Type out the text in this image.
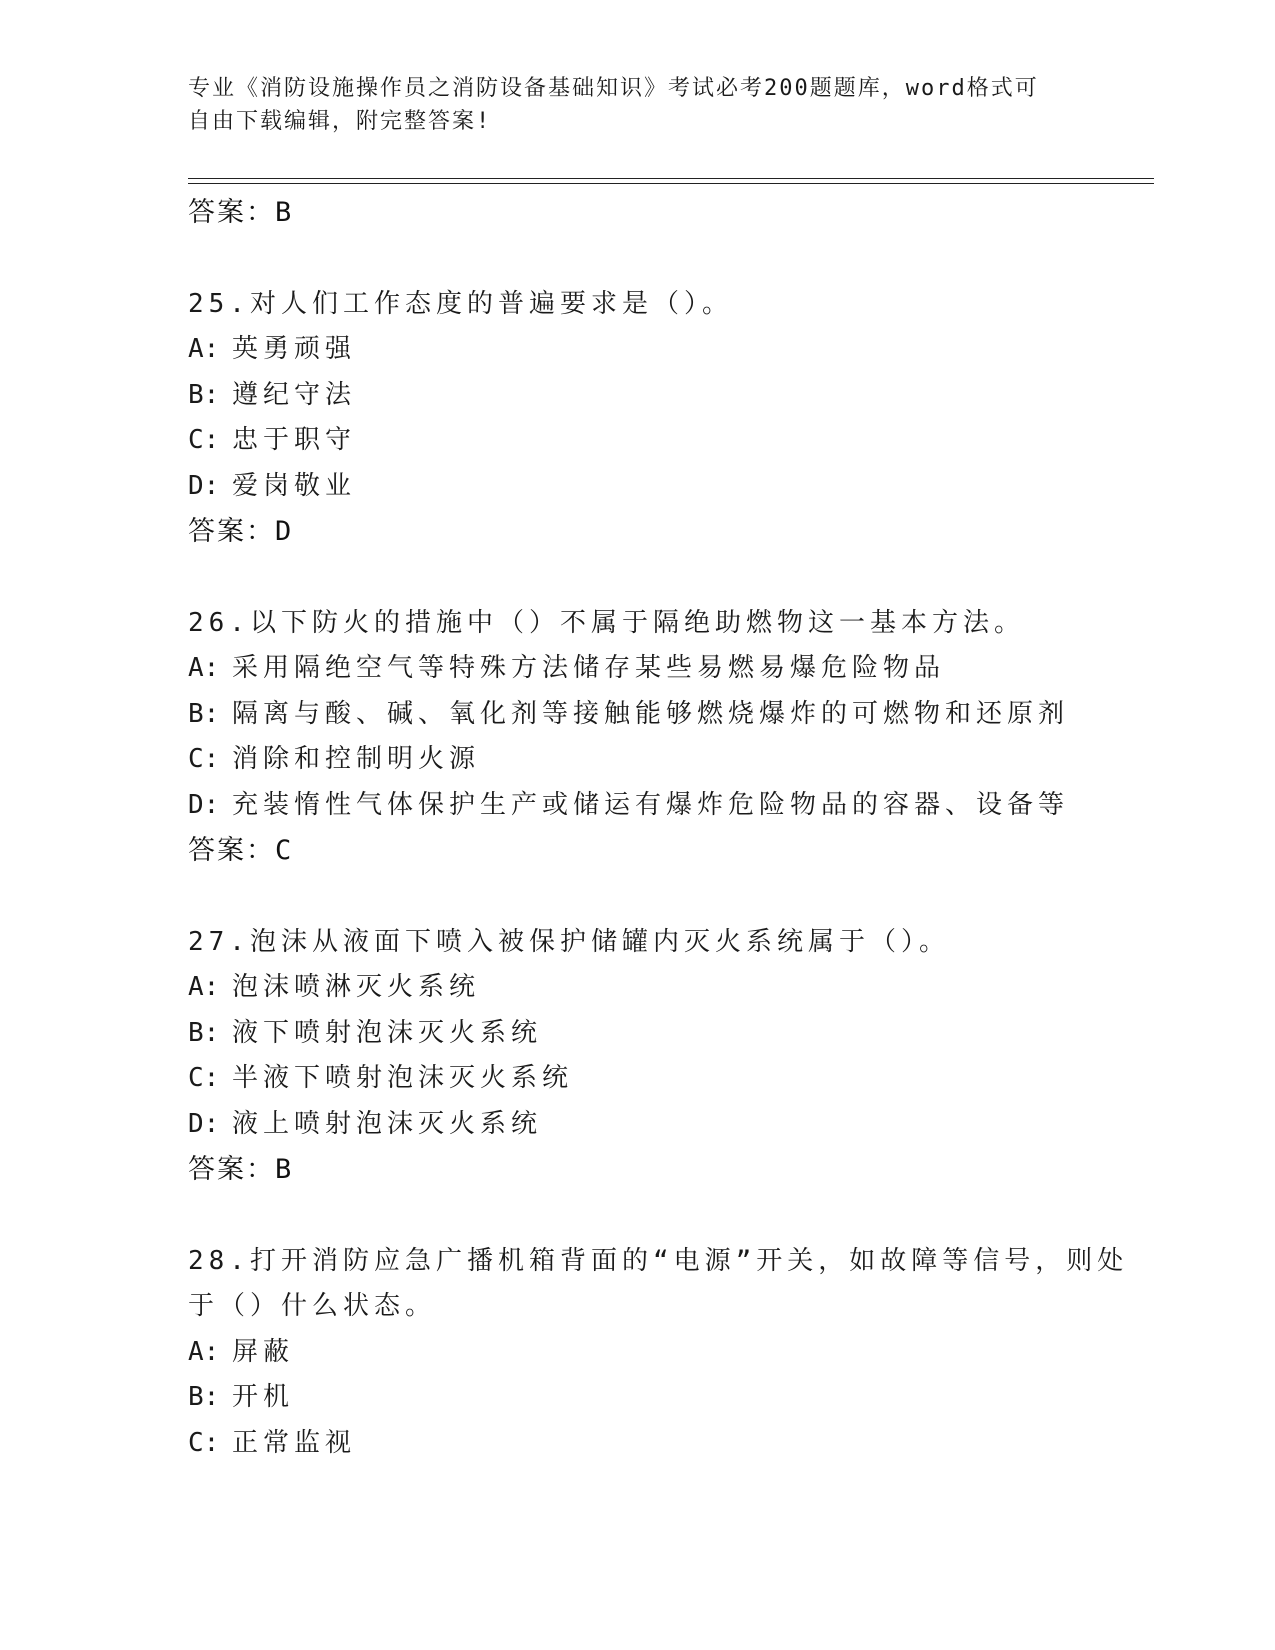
专业《消防设施操作员之消防设备基础知识》考试必考200题题库，word格式可
自由下载编辑，附完整答案!
答案：B
25.对人们工作态度的普遍要求是（）。
A: 英勇顽强
B: 遵纪守法
C: 忠于职守
D: 爱岗敬业
答案：D
26.以下防火的措施中（）不属于隔绝助燃物这一基本方法。
A: 采用隔绝空气等特殊方法储存某些易燃易爆危险物品
B: 隔离与酸、碱、氧化剂等接触能够燃烧爆炸的可燃物和还原剂
C: 消除和控制明火源
D: 充装惰性气体保护生产或储运有爆炸危险物品的容器、设备等
答案：C
27.泡沫从液面下喷入被保护储罐内灭火系统属于（）。
A: 泡沫喷淋灭火系统
B: 液下喷射泡沫灭火系统
C: 半液下喷射泡沫灭火系统
D: 液上喷射泡沫灭火系统
答案：B
28.打开消防应急广播机箱背面的“电源”开关，如故障等信号，则处
于（）什么状态。
A: 屏蔽
B: 开机
C: 正常监视
